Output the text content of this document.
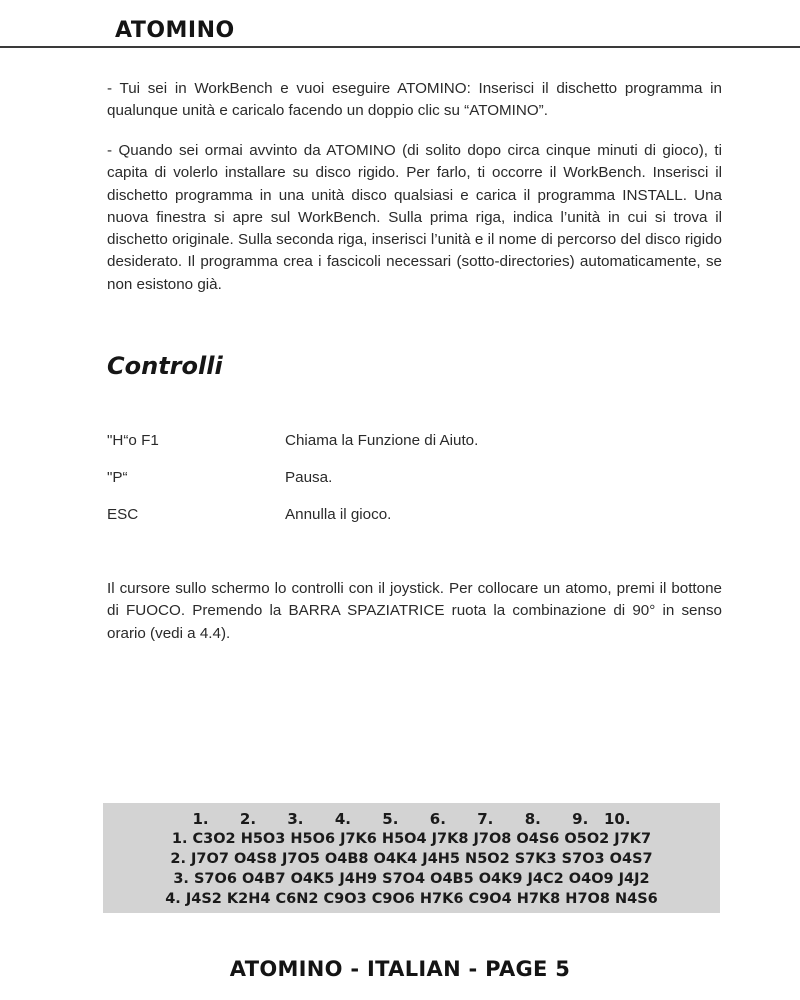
ATOMINO
- Tui sei in WorkBench e vuoi eseguire ATOMINO: Inserisci il dischetto programma in qualunque unità e caricalo facendo un doppio clic su “ATOMINO”.
- Quando sei ormai avvinto da ATOMINO (di solito dopo circa cinque minuti di gioco), ti capita di volerlo installare su disco rigido. Per farlo, ti occorre il WorkBench. Inserisci il dischetto programma in una unità disco qualsiasi e carica il programma INSTALL. Una nuova finestra si apre sul WorkBench. Sulla prima riga, indica l’unità in cui si trova il dischetto originale. Sulla seconda riga, inserisci l’unità e il nome di percorso del disco rigido desiderato. Il programma crea i fascicoli necessari (sotto-directories) automaticamente, se non esistono già.
Controlli
"H“o F1	Chiama la Funzione di Aiuto.
"P“	Pausa.
ESC	Annulla il gioco.
Il cursore sullo schermo lo controlli con il joystick. Per collocare un atomo, premi il bottone di FUOCO. Premendo la BARRA SPAZIATRICE ruota la combinazione di 90° in senso orario (vedi a 4.4).
1.      2.      3.      4.      5.      6.      7.      8.      9.   10.
1. C3O2 H5O3 H5O6 J7K6 H5O4 J7K8 J7O8 O4S6 O5O2 J7K7
2. J7O7 O4S8 J7O5 O4B8 O4K4 J4H5 N5O2 S7K3 S7O3 O4S7
3. S7O6 O4B7 O4K5 J4H9 S7O4 O4B5 O4K9 J4C2 O4O9 J4J2
4. J4S2 K2H4 C6N2 C9O3 C9O6 H7K6 C9O4 H7K8 H7O8 N4S6
ATOMINO - ITALIAN - PAGE 5
